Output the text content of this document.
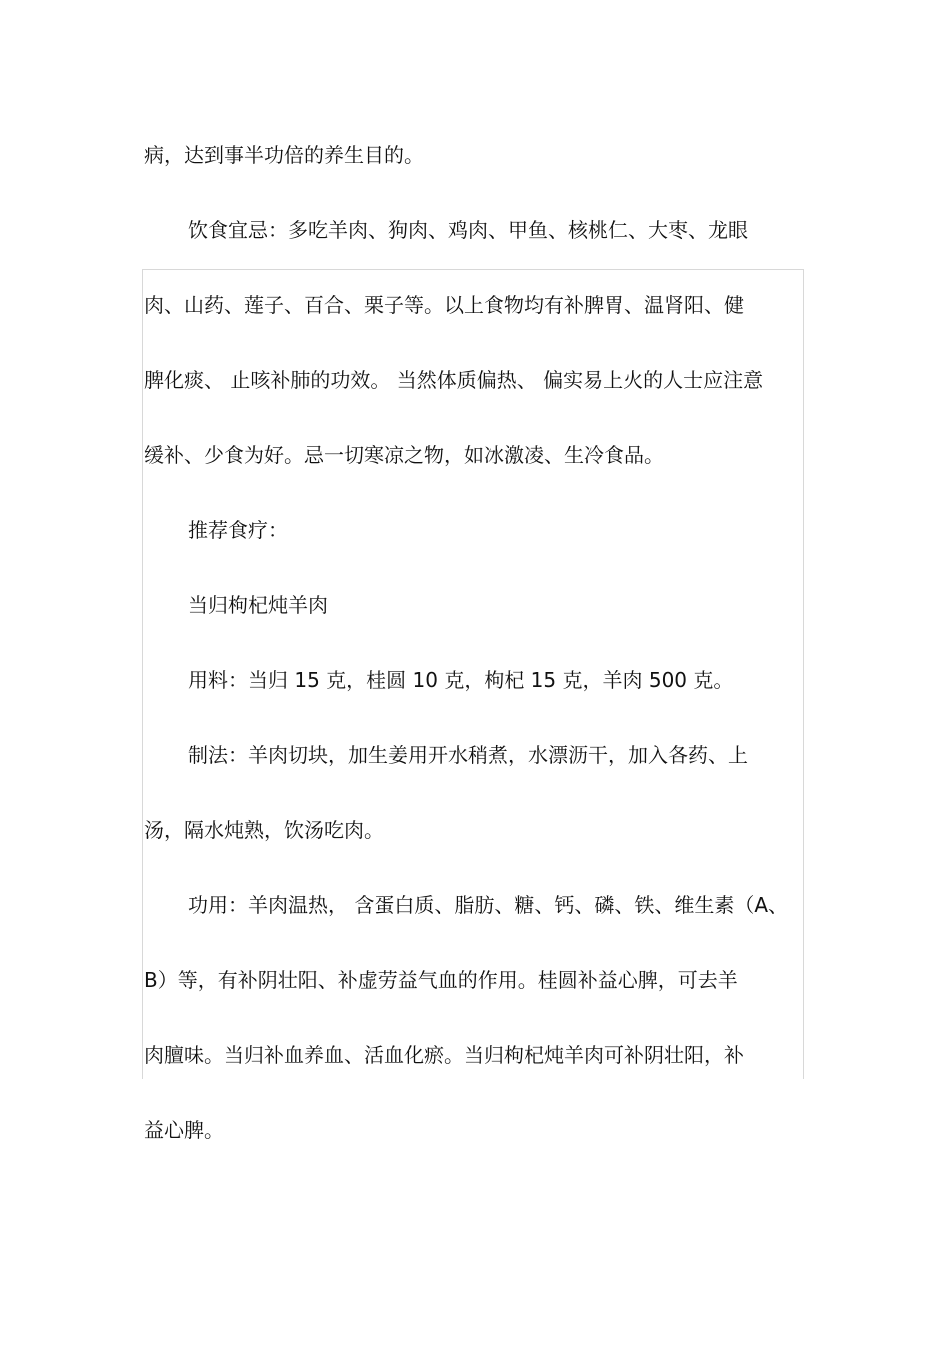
病，达到事半功倍的养生目的。
饮食宜忌：多吃羊肉、狗肉、鸡肉、甲鱼、核桃仁、大枣、龙眼
肉、山药、莲子、百合、栗子等。以上食物均有补脾胃、温肾阳、健
脾化痰、 止咳补肺的功效。 当然体质偏热、 偏实易上火的人士应注意
缓补、少食为好。忌一切寒凉之物，如冰激凌、生冷食品。
推荐食疗：
当归枸杞炖羊肉
用料：当归 15 克，桂圆 10 克，枸杞 15 克，羊肉 500 克。
制法：羊肉切块，加生姜用开水稍煮，水漂沥干，加入各药、上
汤，隔水炖熟，饮汤吃肉。
功用：羊肉温热， 含蛋白质、脂肪、糖、钙、磷、铁、维生素（A、
B）等，有补阴壮阳、补虚劳益气血的作用。桂圆补益心脾，可去羊
肉膻味。当归补血养血、活血化瘀。当归枸杞炖羊肉可补阴壮阳，补
益心脾。
